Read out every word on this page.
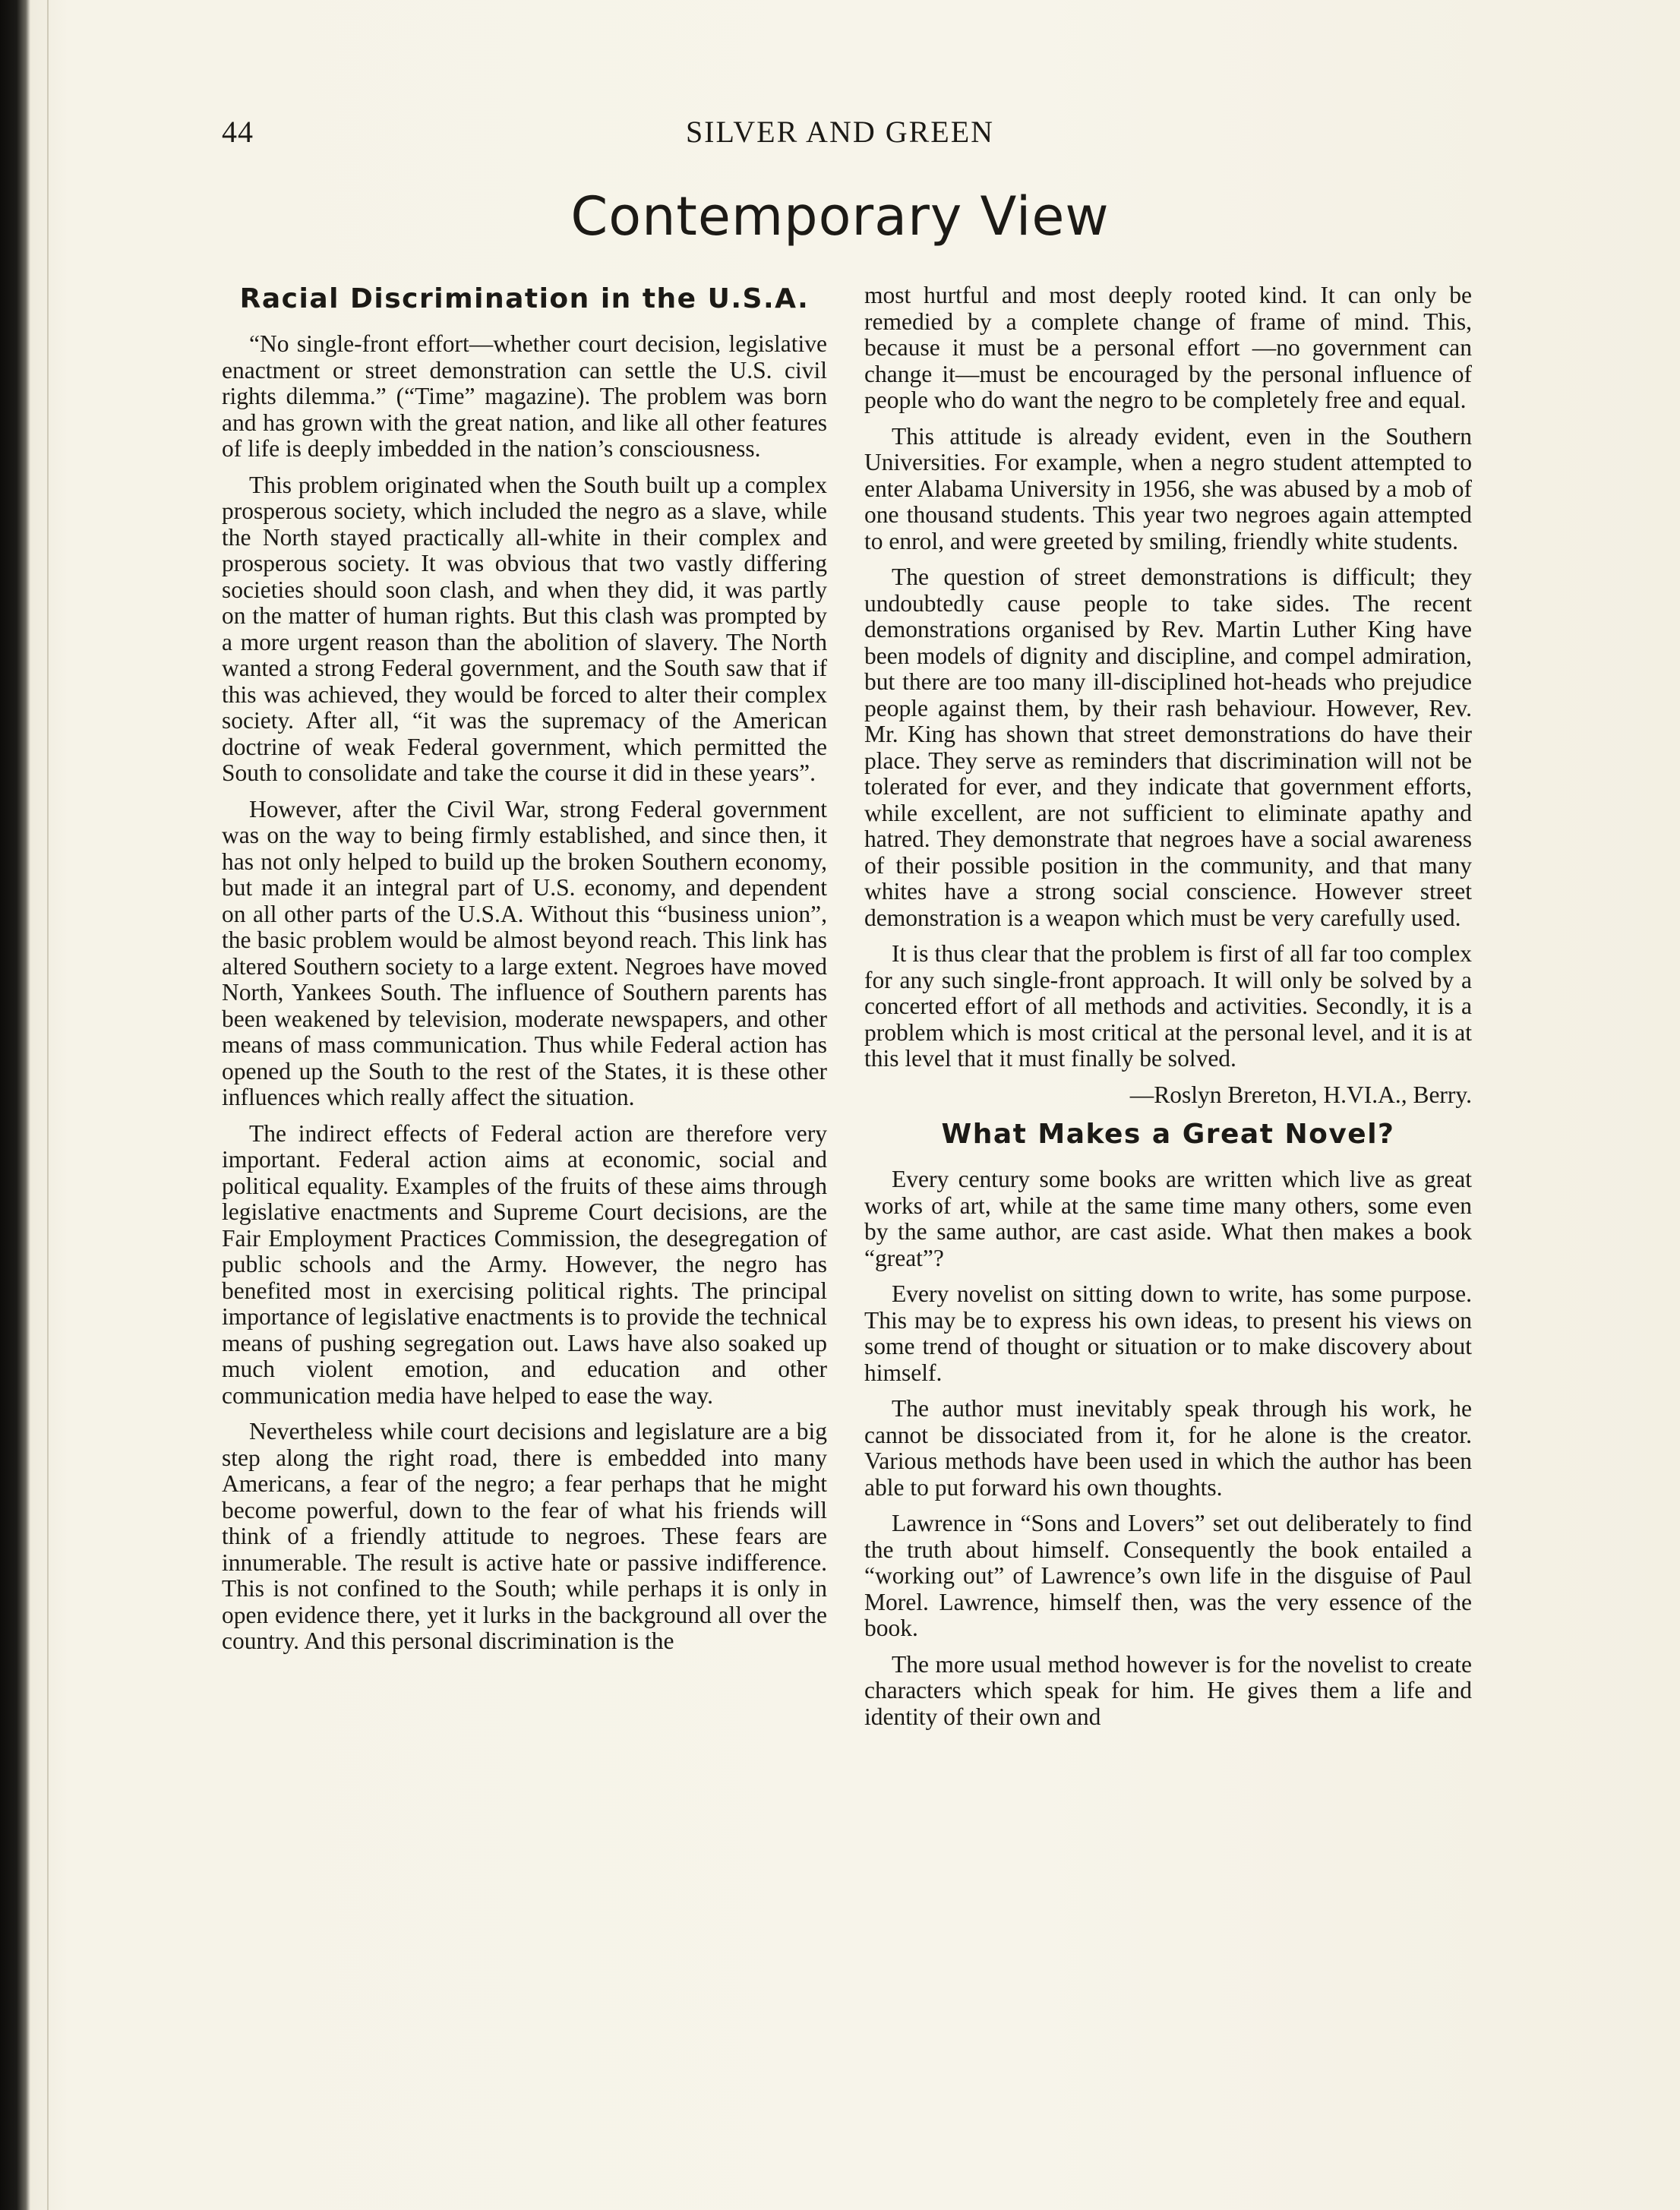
44	SILVER AND GREEN
Contemporary View
Racial Discrimination in the U.S.A.

“No single-front effort—whether court decision, legislative enactment or street demonstration can settle the U.S. civil rights dilemma.” (“Time” magazine). The problem was born and has grown with the great nation, and like all other features of life is deeply imbedded in the nation’s consciousness.

This problem originated when the South built up a complex prosperous society, which included the negro as a slave, while the North stayed practically all-white in their complex and prosperous society. It was obvious that two vastly differing societies should soon clash, and when they did, it was partly on the matter of human rights. But this clash was prompted by a more urgent reason than the abolition of slavery. The North wanted a strong Federal government, and the South saw that if this was achieved, they would be forced to alter their complex society. After all, “it was the supremacy of the American doctrine of weak Federal government, which permitted the South to consolidate and take the course it did in these years”.

However, after the Civil War, strong Federal government was on the way to being firmly established, and since then, it has not only helped to build up the broken Southern economy, but made it an integral part of U.S. economy, and dependent on all other parts of the U.S.A. Without this “business union”, the basic problem would be almost beyond reach. This link has altered Southern society to a large extent. Negroes have moved North, Yankees South. The influence of Southern parents has been weakened by television, moderate newspapers, and other means of mass communication. Thus while Federal action has opened up the South to the rest of the States, it is these other influences which really affect the situation.

The indirect effects of Federal action are therefore very important. Federal action aims at economic, social and political equality. Examples of the fruits of these aims through legislative enactments and Supreme Court decisions, are the Fair Employment Practices Commission, the desegregation of public schools and the Army. However, the negro has benefited most in exercising political rights. The principal importance of legislative enactments is to provide the technical means of pushing segregation out. Laws have also soaked up much violent emotion, and education and other communication media have helped to ease the way.

Nevertheless while court decisions and legislature are a big step along the right road, there is embedded into many Americans, a fear of the negro; a fear perhaps that he might become powerful, down to the fear of what his friends will think of a friendly attitude to negroes. These fears are innumerable. The result is active hate or passive indifference. This is not confined to the South; while perhaps it is only in open evidence there, yet it lurks in the background all over the country. And this personal discrimination is the

most hurtful and most deeply rooted kind. It can only be remedied by a complete change of frame of mind. This, because it must be a personal effort —no government can change it—must be encouraged by the personal influence of people who do want the negro to be completely free and equal.

This attitude is already evident, even in the Southern Universities. For example, when a negro student attempted to enter Alabama University in 1956, she was abused by a mob of one thousand students. This year two negroes again attempted to enrol, and were greeted by smiling, friendly white students.

The question of street demonstrations is difficult; they undoubtedly cause people to take sides. The recent demonstrations organised by Rev. Martin Luther King have been models of dignity and discipline, and compel admiration, but there are too many ill-disciplined hot-heads who prejudice people against them, by their rash behaviour. However, Rev. Mr. King has shown that street demonstrations do have their place. They serve as reminders that discrimination will not be tolerated for ever, and they indicate that government efforts, while excellent, are not sufficient to eliminate apathy and hatred. They demonstrate that negroes have a social awareness of their possible position in the community, and that many whites have a strong social conscience. However street demonstration is a weapon which must be very carefully used.

It is thus clear that the problem is first of all far too complex for any such single-front approach. It will only be solved by a concerted effort of all methods and activities. Secondly, it is a problem which is most critical at the personal level, and it is at this level that it must finally be solved.

—Roslyn Brereton, H.VI.A., Berry.

What Makes a Great Novel?

Every century some books are written which live as great works of art, while at the same time many others, some even by the same author, are cast aside. What then makes a book “great”?

Every novelist on sitting down to write, has some purpose. This may be to express his own ideas, to present his views on some trend of thought or situation or to make discovery about himself.

The author must inevitably speak through his work, he cannot be dissociated from it, for he alone is the creator. Various methods have been used in which the author has been able to put forward his own thoughts.

Lawrence in “Sons and Lovers” set out deliberately to find the truth about himself. Consequently the book entailed a “working out” of Lawrence’s own life in the disguise of Paul Morel. Lawrence, himself then, was the very essence of the book.

The more usual method however is for the novelist to create characters which speak for him. He gives them a life and identity of their own and
